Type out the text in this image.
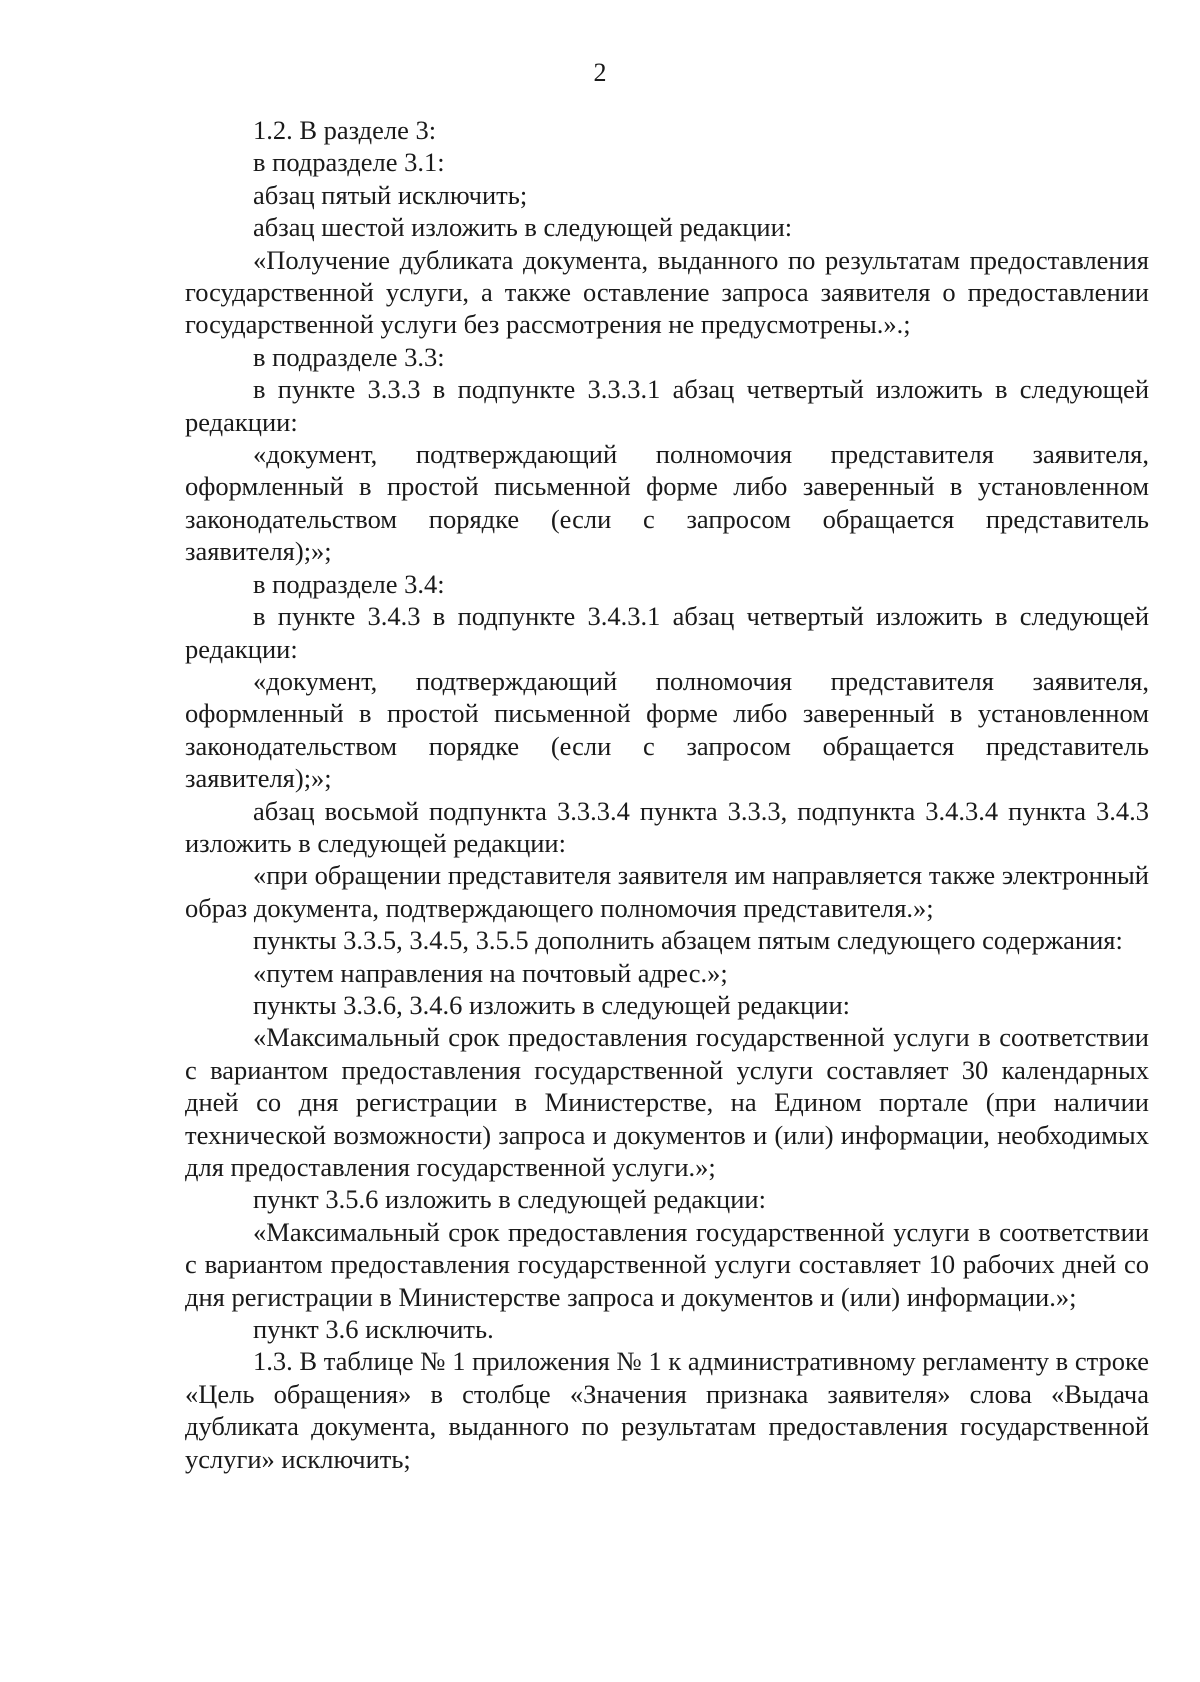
2

1.2. В разделе 3:

в подразделе 3.1:

абзац пятый исключить;

абзац шестой изложить в следующей редакции:

«Получение дубликата документа, выданного по результатам предоставления государственной услуги, а также оставление запроса заявителя о предоставлении государственной услуги без рассмотрения не предусмотрены.».;

в подразделе 3.3:

в пункте 3.3.3 в подпункте 3.3.3.1 абзац четвертый изложить в следующей редакции:

«документ, подтверждающий полномочия представителя заявителя, оформленный в простой письменной форме либо заверенный в установленном законодательством порядке (если с запросом обращается представитель заявителя);»;

в подразделе 3.4:

в пункте 3.4.3 в подпункте 3.4.3.1 абзац четвертый изложить в следующей редакции:

«документ, подтверждающий полномочия представителя заявителя, оформленный в простой письменной форме либо заверенный в установленном законодательством порядке (если с запросом обращается представитель заявителя);»;

абзац восьмой подпункта 3.3.3.4 пункта 3.3.3, подпункта 3.4.3.4 пункта 3.4.3 изложить в следующей редакции:

«при обращении представителя заявителя им направляется также электронный образ документа, подтверждающего полномочия представителя.»;

пункты 3.3.5, 3.4.5, 3.5.5 дополнить абзацем пятым следующего содержания:

«путем направления на почтовый адрес.»;

пункты 3.3.6, 3.4.6 изложить в следующей редакции:

«Максимальный срок предоставления государственной услуги в соответствии с вариантом предоставления государственной услуги составляет 30 календарных дней со дня регистрации в Министерстве, на Едином портале (при наличии технической возможности) запроса и документов и (или) информации, необходимых для предоставления государственной услуги.»;

пункт 3.5.6 изложить в следующей редакции:

«Максимальный срок предоставления государственной услуги в соответствии с вариантом предоставления государственной услуги составляет 10 рабочих дней со дня регистрации в Министерстве запроса и документов и (или) информации.»;

пункт 3.6 исключить.

1.3. В таблице № 1 приложения № 1 к административному регламенту в строке «Цель обращения» в столбце «Значения признака заявителя» слова «Выдача дубликата документа, выданного по результатам предоставления государственной услуги» исключить;
